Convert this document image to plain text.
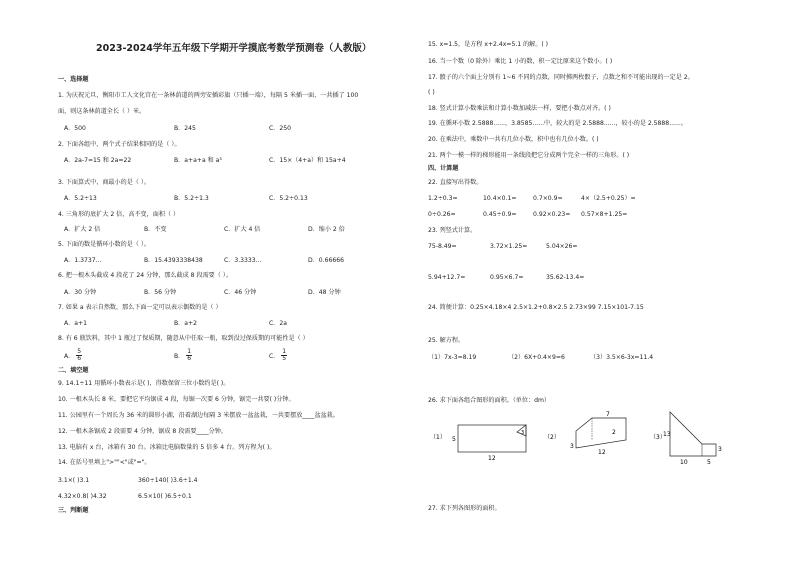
2023-2024学年五年级下学期开学摸底考数学预测卷（人教版）
一、选择题
1. 为庆祝元旦，衡阳市工人文化宫在一条林荫道的两旁安插彩旗（只插一端），每隔 5 米插一面，一共插了 100
面，则这条林荫道全长（ ）米。
A．500	B．245	C．250
2. 下面各组中，两个式子结果相同的是（ ）。
A．2a-7=15 和 2a=22	B．a+a+a 和 a³	C．15×（4+a）和 15a+4
3. 下面算式中，商最小的是（ ）。
A．5.2÷13	B．5.2÷1.3	C．5.2÷0.13
4. 三角形的底扩大 2 倍，高不变，面积（ ）
A．扩大 2 倍	B．不变	C．扩大 4 倍	D．缩小 2 倍
5. 下面的数是循环小数的是（ ）。
A．1.3737...	B．15.4393338438	C．3.3333...	D．0.66666
6. 把一根木头截成 4 段花了 24 分钟，那么截成 8 段需要（ ）。
A．30 分钟	B．56 分钟	C．46 分钟	D．48 分钟
7. 如果 a 表示自然数，那么下面一定可以表示偶数的是（ ）
A．a+1	B．a+2	C．2a
8. 有 6 瓶饮料，其中 1 瓶过了保质期，随意从中任取一瓶，取到没过保质期的可能性是（ ）
A． $\frac{5}{6}$	B． $\frac{1}{6}$	C． $\frac{1}{5}$
二、填空题
9. 14.1÷11 用循环小数表示是( )，得数保留三位小数约是( )。
10. 一根木头长 8 米，要把它平均锯成 4 段，每锯一次要 6 分钟，锯完一共要( )分钟。
11. 公园里有一个周长为 36 米的圆形小湖，沿着湖边每隔 3 米摆放一盆盆栽，一共要摆放____盆盆栽。
12. 一根木条锯成 2 段需要 4 分钟，锯成 8 段需要____分钟。
13. 电脑有 x 台，冰箱有 30 台。冰箱比电脑数量的 5 倍多 4 台。列方程为( )。
14. 在括号里填上">""<"或"="。
3.1×( )3.1	360÷140( )3.6÷1.4
4.32×0.8( )4.32	6.5×10( )6.5÷0.1
三、判断题
15. x=1.5，是方程 x+2.4x=5.1 的解。( )
16. 当一个数（0 除外）乘比 1 小的数，积一定比原来这个数小。( )
17. 骰子的六个面上分别有 1~6 不同的点数，同时掷两枚骰子，点数之和不可能出现的一定是 2。
( )
18. 竖式计算小数乘法和计算小数加减法一样，要把小数点对齐。( )
19. 在循环小数 2.5888......，3.8585......中，较大的是 2.5888......，较小的是 2.5888......。
20. 在乘法中，乘数中一共有几位小数，积中也有几位小数。( )
21. 两个一模一样的梯形能用一条线段把它分成两个完全一样的三角形。( )
四、计算题
22. 直接写出得数。
1.2÷0.3=	10.4×0.1=	0.7×0.9=	4×（2.5+0.25）=
0÷0.26=	0.45÷0.9=	0.92×0.23= 0.57×8+1.25=
23. 列竖式计算。
75-8.49=	3.72×1.25=	5.04×26=
5.94+12.7=	0.95×6.7=	35.62-13.4=
24. 简便计算：0.25×4.18×4 2.5×1.2+0.8×2.5 2.73×99 7.15×101-7.15
25. 解方程。
（1）7x-3=8.19	（2）6X+0.4×9=6	（3）3.5×6-3x=11.4
26. 求下面各组合图形的面积。（单位：dm）
（1） 5
12
3
（2）
7
2
3
12
（3）
13
3
10	5
27. 求下列各图形的面积。
